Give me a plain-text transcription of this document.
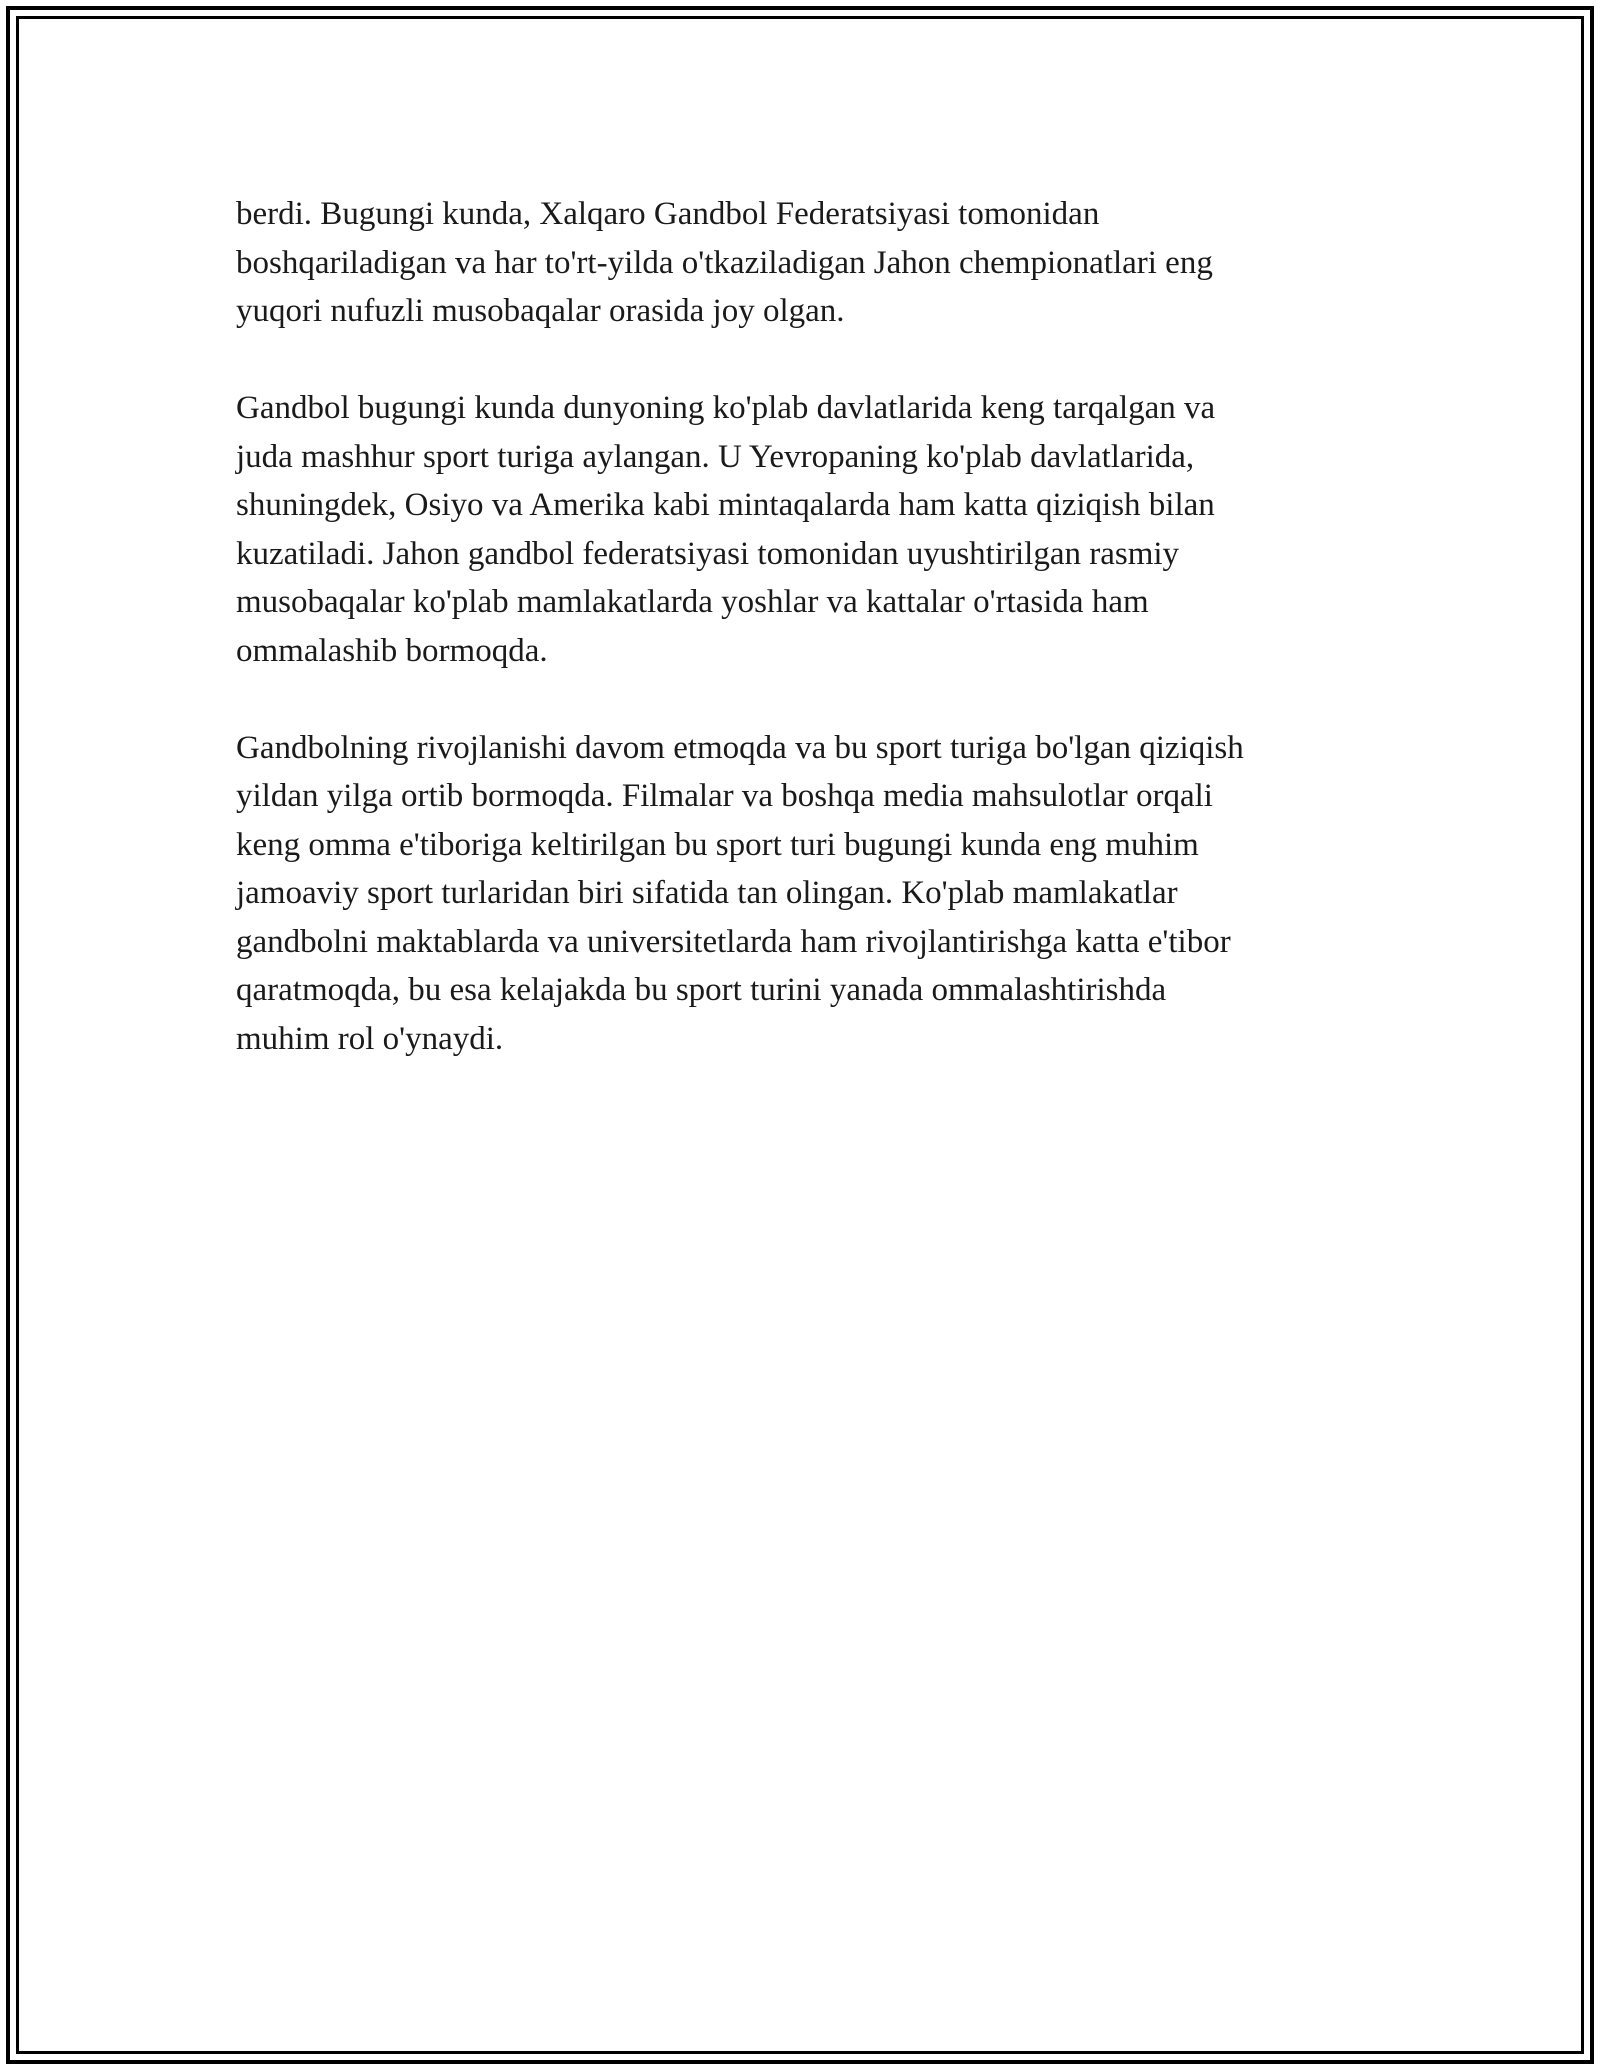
berdi. Bugungi kunda, Xalqaro Gandbol Federatsiyasi tomonidan
boshqariladigan va har to'rt-yilda o'tkaziladigan Jahon chempionatlari eng
yuqori nufuzli musobaqalar orasida joy olgan.

Gandbol bugungi kunda dunyoning ko'plab davlatlarida keng tarqalgan va
juda mashhur sport turiga aylangan. U Yevropaning ko'plab davlatlarida,
shuningdek, Osiyo va Amerika kabi mintaqalarda ham katta qiziqish bilan
kuzatiladi. Jahon gandbol federatsiyasi tomonidan uyushtirilgan rasmiy
musobaqalar ko'plab mamlakatlarda yoshlar va kattalar o'rtasida ham
ommalashib bormoqda.

Gandbolning rivojlanishi davom etmoqda va bu sport turiga bo'lgan qiziqish
yildan yilga ortib bormoqda. Filmalar va boshqa media mahsulotlar orqali
keng omma e'tiboriga keltirilgan bu sport turi bugungi kunda eng muhim
jamoaviy sport turlaridan biri sifatida tan olingan. Ko'plab mamlakatlar
gandbolni maktablarda va universitetlarda ham rivojlantirishga katta e'tibor
qaratmoqda, bu esa kelajakda bu sport turini yanada ommalashtirishda
muhim rol o'ynaydi.
